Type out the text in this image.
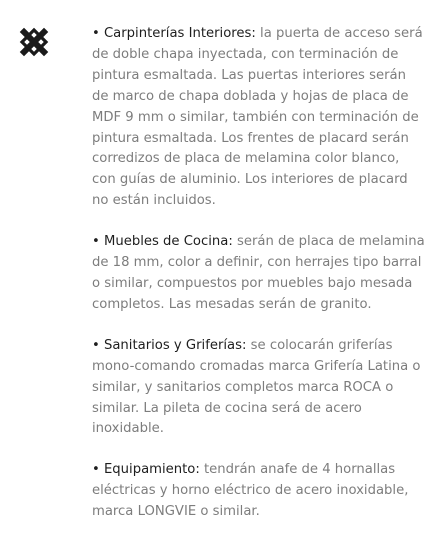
• Carpinterías Interiores: la puerta de acceso será de doble chapa inyectada, con terminación de pintura esmaltada. Las puertas interiores serán de marco de chapa doblada y hojas de placa de MDF 9 mm o similar, también con terminación de pintura esmaltada. Los frentes de placard serán corredizos de placa de melamina color blanco, con guías de aluminio. Los interiores de placard no están incluidos.

• Muebles de Cocina: serán de placa de melamina de 18 mm, color a definir, con herrajes tipo barral o similar, compuestos por muebles bajo mesada completos. Las mesadas serán de granito.

• Sanitarios y Griferías: se colocarán griferías mono-comando cromadas marca Grifería Latina o similar, y sanitarios completos marca ROCA o similar. La pileta de cocina será de acero inoxidable.

• Equipamiento: tendrán anafe de 4 hornallas eléctricas y horno eléctrico de acero inoxidable, marca LONGVIE o similar.
